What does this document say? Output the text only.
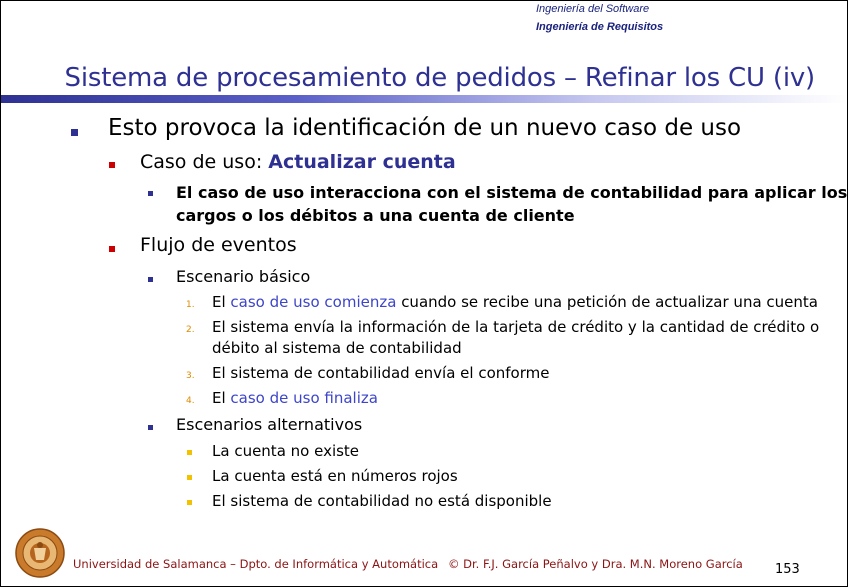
Ingeniería del Software
Ingeniería de Requisitos
Sistema de procesamiento de pedidos – Refinar los CU (iv)
Esto provoca la identificación de un nuevo caso de uso
Caso de uso: Actualizar cuenta
El caso de uso interacciona con el sistema de contabilidad para aplicar los
cargos o los débitos a una cuenta de cliente
Flujo de eventos
Escenario básico
1. El caso de uso comienza cuando se recibe una petición de actualizar una cuenta
2. El sistema envía la información de la tarjeta de crédito y la cantidad de crédito o
débito al sistema de contabilidad
3. El sistema de contabilidad envía el conforme
4. El caso de uso finaliza
Escenarios alternativos
La cuenta no existe
La cuenta está en números rojos
El sistema de contabilidad no está disponible
Universidad de Salamanca – Dpto. de Informática y Automática © Dr. F.J. García Peñalvo y Dra. M.N. Moreno García 153
